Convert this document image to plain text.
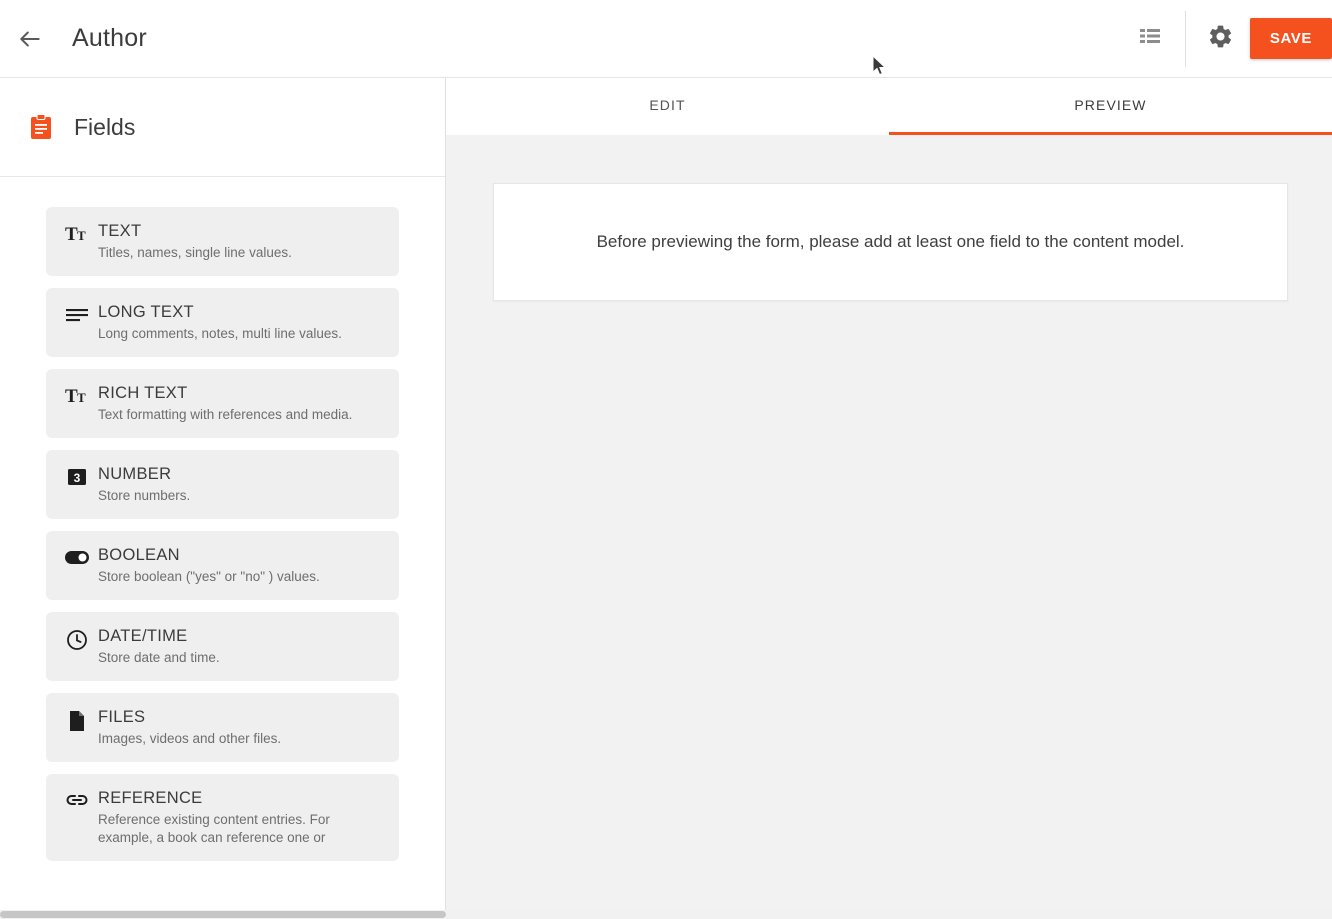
Author	SAVE
Fields
T T TEXT
Titles, names, single line values.
LONG TEXT
Long comments, notes, multi line values.
T T RICH TEXT
Text formatting with references and media.
3 NUMBER
Store numbers.
BOOLEAN
Store boolean ("yes" or "no" ) values.
DATE/TIME
Store date and time.
FILES
Images, videos and other files.
REFERENCE
Reference existing content entries. For example, a book can reference one or
EDIT	PREVIEW
Before previewing the form, please add at least one field to the content model.
